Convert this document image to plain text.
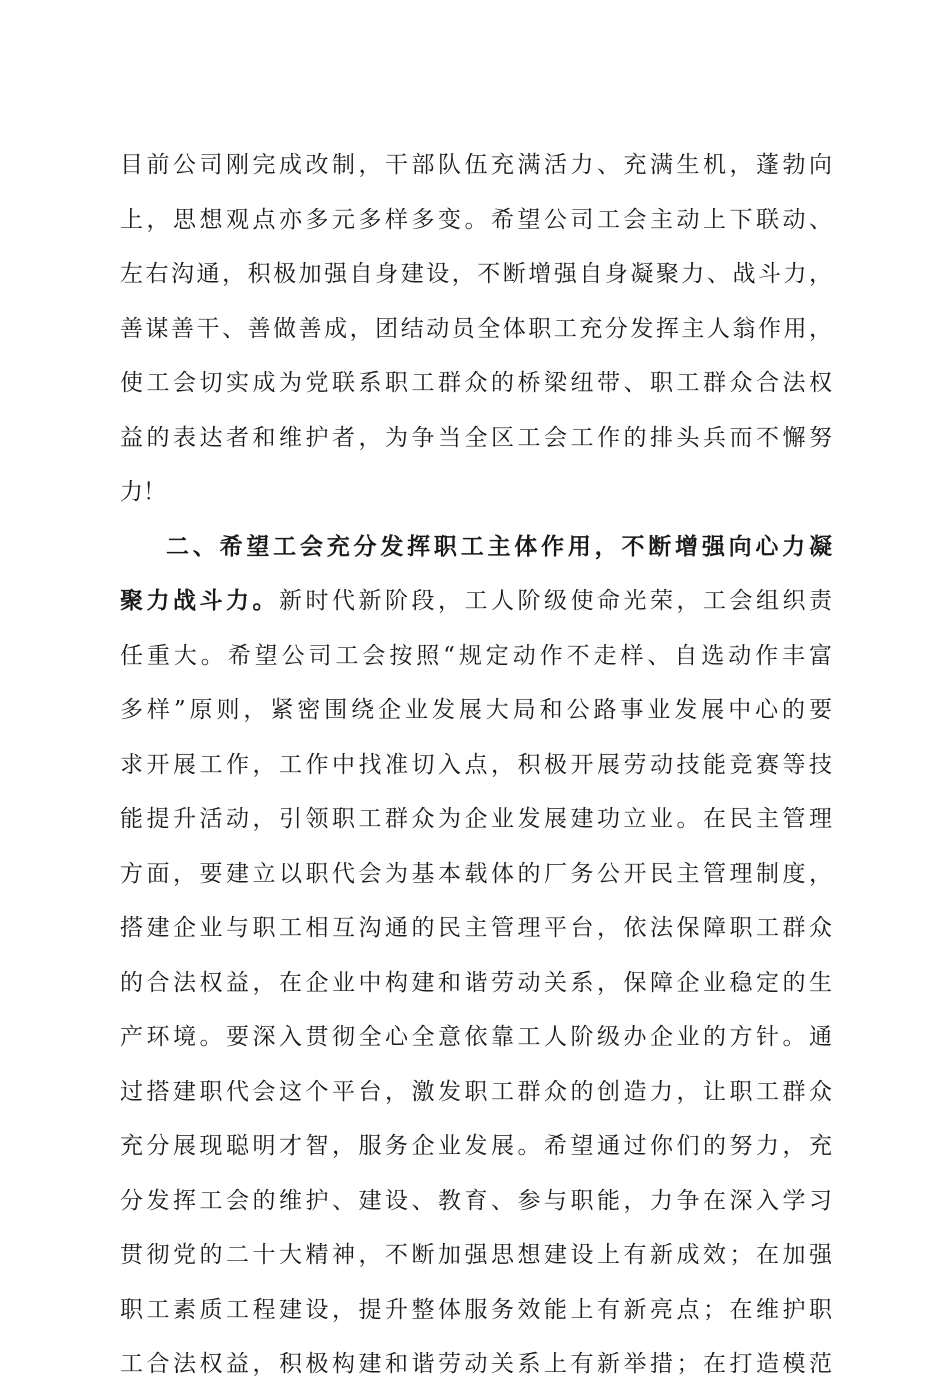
目前公司刚完成改制，干部队伍充满活力、充满生机，蓬勃向
上，思想观点亦多元多样多变。希望公司工会主动上下联动、
左右沟通，积极加强自身建设，不断增强自身凝聚力、战斗力，
善谋善干、善做善成，团结动员全体职工充分发挥主人翁作用，
使工会切实成为党联系职工群众的桥梁纽带、职工群众合法权
益的表达者和维护者，为争当全区工会工作的排头兵而不懈努
力！
二、希望工会充分发挥职工主体作用，不断增强向心力凝
聚力战斗力。新时代新阶段，工人阶级使命光荣，工会组织责
任重大。希望公司工会按照“规定动作不走样、自选动作丰富
多样”原则，紧密围绕企业发展大局和公路事业发展中心的要
求开展工作，工作中找准切入点，积极开展劳动技能竞赛等技
能提升活动，引领职工群众为企业发展建功立业。在民主管理
方面，要建立以职代会为基本载体的厂务公开民主管理制度，
搭建企业与职工相互沟通的民主管理平台，依法保障职工群众
的合法权益，在企业中构建和谐劳动关系，保障企业稳定的生
产环境。要深入贯彻全心全意依靠工人阶级办企业的方针。通
过搭建职代会这个平台，激发职工群众的创造力，让职工群众
充分展现聪明才智，服务企业发展。希望通过你们的努力，充
分发挥工会的维护、建设、教育、参与职能，力争在深入学习
贯彻党的二十大精神，不断加强思想建设上有新成效；在加强
职工素质工程建设，提升整体服务效能上有新亮点；在维护职
工合法权益，积极构建和谐劳动关系上有新举措；在打造模范
